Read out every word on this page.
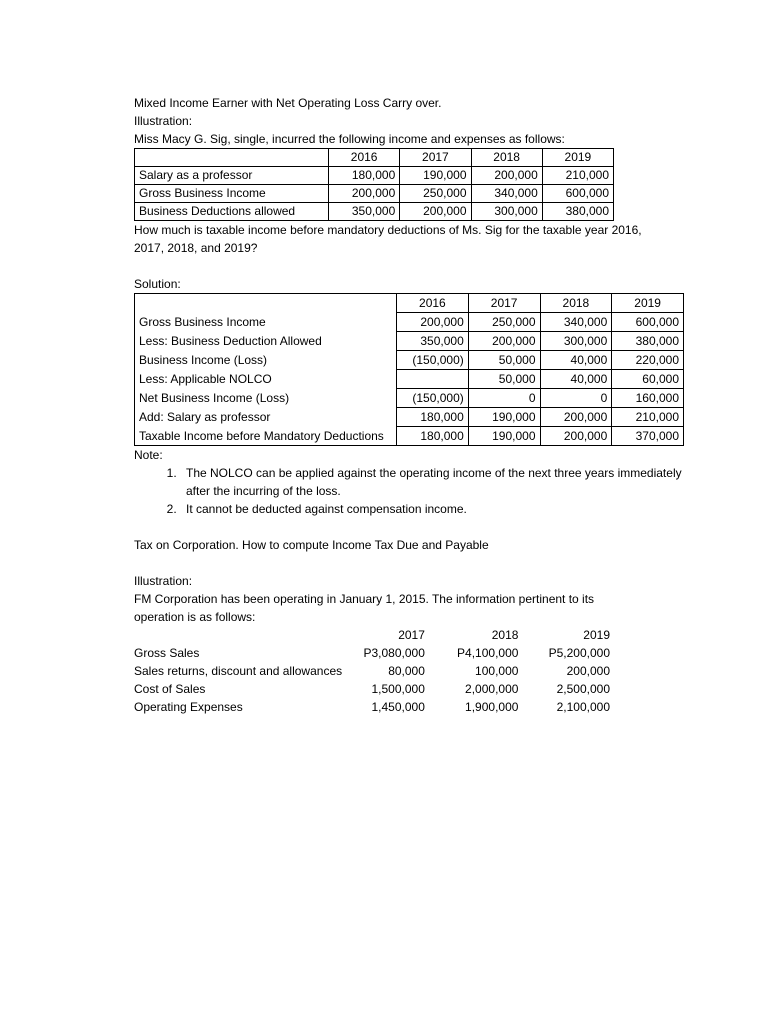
Mixed Income Earner with Net Operating Loss Carry over.
Illustration:
Miss Macy G. Sig, single, incurred the following income and expenses as follows:
	2016	2017	2018	2019
Salary as a professor	180,000	190,000	200,000	210,000
Gross Business Income	200,000	250,000	340,000	600,000
Business Deductions allowed	350,000	200,000	300,000	380,000
How much is taxable income before mandatory deductions of Ms. Sig for the taxable year 2016,
2017, 2018, and 2019?
Solution:
	2016	2017	2018	2019
Gross Business Income	200,000	250,000	340,000	600,000
Less: Business Deduction Allowed	350,000	200,000	300,000	380,000
Business Income (Loss)	(150,000)	50,000	40,000	220,000
Less: Applicable NOLCO		50,000	40,000	60,000
Net Business Income (Loss)	(150,000)	0	0	160,000
Add: Salary as professor	180,000	190,000	200,000	210,000
Taxable Income before Mandatory Deductions	180,000	190,000	200,000	370,000
Note:
1. The NOLCO can be applied against the operating income of the next three years immediately after the incurring of the loss.
2. It cannot be deducted against compensation income.
Tax on Corporation. How to compute Income Tax Due and Payable
Illustration:
FM Corporation has been operating in January 1, 2015. The information pertinent to its
operation is as follows:
	2017	2018	2019
Gross Sales	P3,080,000	P4,100,000	P5,200,000
Sales returns, discount and allowances	80,000	100,000	200,000
Cost of Sales	1,500,000	2,000,000	2,500,000
Operating Expenses	1,450,000	1,900,000	2,100,000
